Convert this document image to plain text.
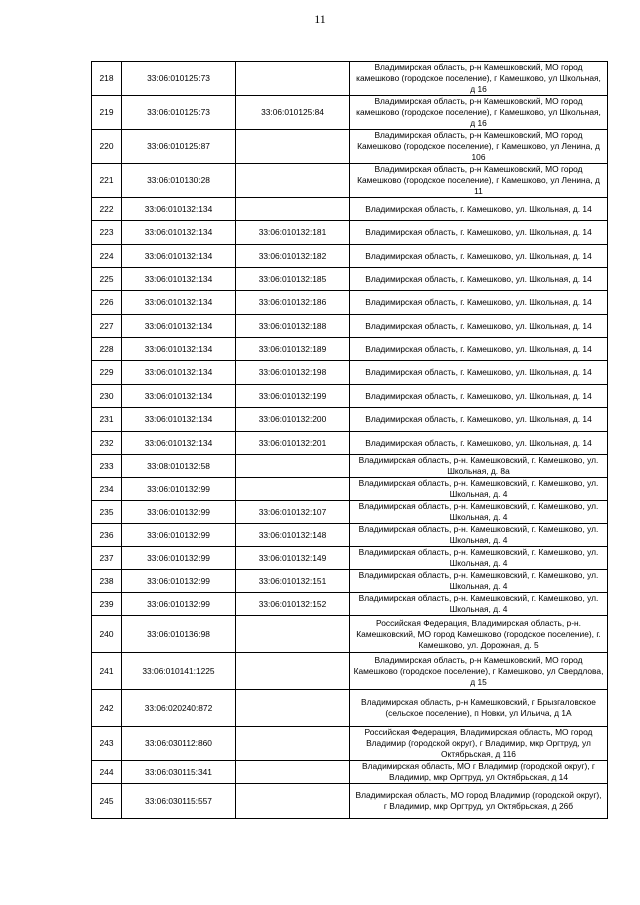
11
218	33:06:010125:73		Владимирская область, р-н Камешковский, МО город камешково (городское поселение), г Камешково, ул Школьная, д 16
219	33:06:010125:73	33:06:010125:84	Владимирская область, р-н Камешковский, МО город камешково (городское поселение), г Камешково, ул Школьная, д 16
220	33:06:010125:87		Владимирская область, р-н Камешковский, МО город Камешково (городское поселение), г Камешково, ул Ленина, д 106
221	33:06:010130:28		Владимирская область, р-н Камешковский, МО город Камешково (городское поселение), г Камешково, ул Ленина, д 11
222	33:06:010132:134		Владимирская область, г. Камешково, ул. Школьная, д. 14
223	33:06:010132:134	33:06:010132:181	Владимирская область, г. Камешково, ул. Школьная, д. 14
224	33:06:010132:134	33:06:010132:182	Владимирская область, г. Камешково, ул. Школьная, д. 14
225	33:06:010132:134	33:06:010132:185	Владимирская область, г. Камешково, ул. Школьная, д. 14
226	33:06:010132:134	33:06:010132:186	Владимирская область, г. Камешково, ул. Школьная, д. 14
227	33:06:010132:134	33:06:010132:188	Владимирская область, г. Камешково, ул. Школьная, д. 14
228	33:06:010132:134	33:06:010132:189	Владимирская область, г. Камешково, ул. Школьная, д. 14
229	33:06:010132:134	33:06:010132:198	Владимирская область, г. Камешково, ул. Школьная, д. 14
230	33:06:010132:134	33:06:010132:199	Владимирская область, г. Камешково, ул. Школьная, д. 14
231	33:06:010132:134	33:06:010132:200	Владимирская область, г. Камешково, ул. Школьная, д. 14
232	33:06:010132:134	33:06:010132:201	Владимирская область, г. Камешково, ул. Школьная, д. 14
233	33:08:010132:58		Владимирская область, р-н. Камешковский, г. Камешково, ул. Школьная, д. 8а
234	33:06:010132:99		Владимирская область, р-н. Камешковский, г. Камешково, ул. Школьная, д. 4
235	33:06:010132:99	33:06:010132:107	Владимирская область, р-н. Камешковский, г. Камешково, ул. Школьная, д. 4
236	33:06:010132:99	33:06:010132:148	Владимирская область, р-н. Камешковский, г. Камешково, ул. Школьная, д. 4
237	33:06:010132:99	33:06:010132:149	Владимирская область, р-н. Камешковский, г. Камешково, ул. Школьная, д. 4
238	33:06:010132:99	33:06:010132:151	Владимирская область, р-н. Камешковский, г. Камешково, ул. Школьная, д. 4
239	33:06:010132:99	33:06:010132:152	Владимирская область, р-н. Камешковский, г. Камешково, ул. Школьная, д. 4
240	33:06:010136:98		Российская Федерация, Владимирская область, р-н. Камешковский, МО город Камешково (городское поселение), г. Камешково, ул. Дорожная, д. 5
241	33:06:010141:1225		Владимирская область, р-н Камешковский, МО город Камешково (городское поселение), г Камешково, ул Свердлова, д 15
242	33:06:020240:872		Владимирская область, р-н Камешковский, г Брызгаловское (сельское поселение), п Новки, ул Ильича, д 1А
243	33:06:030112:860		Российская Федерация, Владимирская область, МО город Владимир (городской округ), г Владимир, мкр Оргтруд, ул Октябрьская, д 116
244	33:06:030115:341		Владимирская область, МО г Владимир (городской округ), г Владимир, мкр Оргтруд, ул Октябрьская, д 14
245	33:06:030115:557		Владимирская область, МО город Владимир (городской округ), г Владимир, мкр Оргтруд, ул Октябрьская, д 26б
